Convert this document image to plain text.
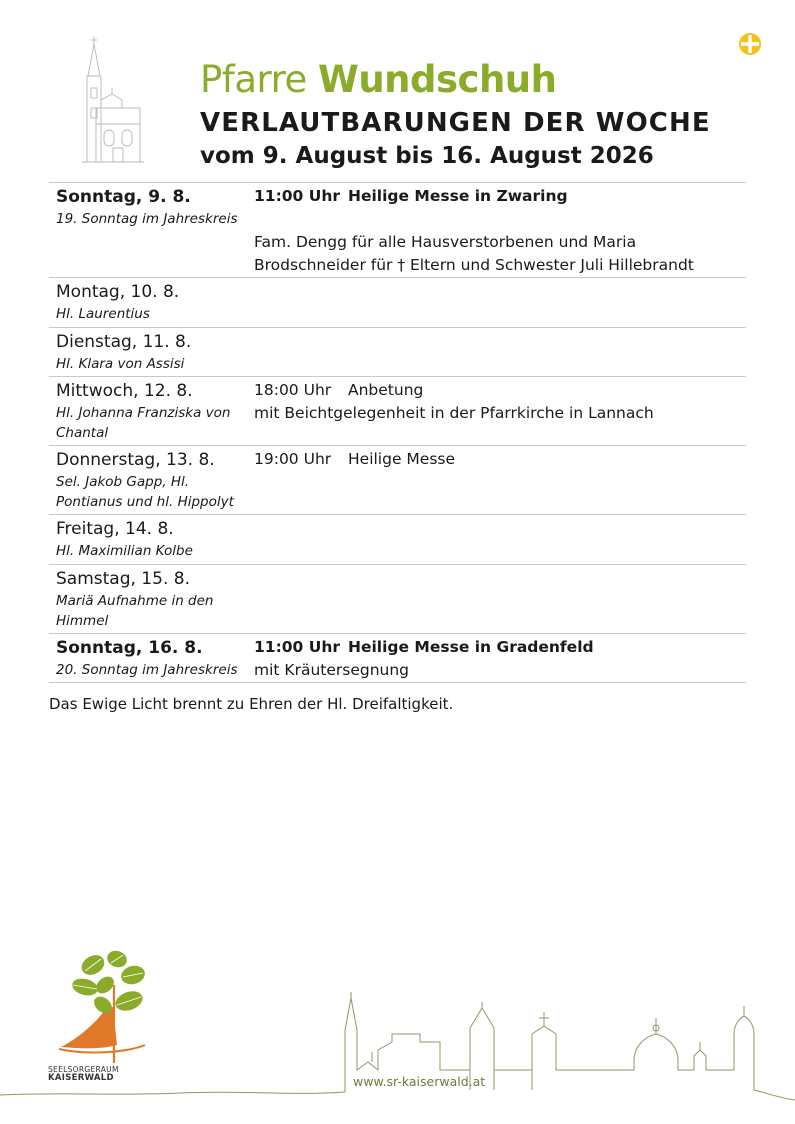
Pfarre Wundschuh
VERLAUTBARUNGEN DER WOCHE
vom 9. August bis 16. August 2026
Sonntag, 9. 8.
19. Sonntag im Jahreskreis
11:00 Uhr Heilige Messe in Zwaring
Fam. Dengg für alle Hausverstorbenen und Maria
Brodschneider für † Eltern und Schwester Juli Hillebrandt
Montag, 10. 8.
Hl. Laurentius
Dienstag, 11. 8.
Hl. Klara von Assisi
Mittwoch, 12. 8.
Hl. Johanna Franziska von Chantal
18:00 Uhr Anbetung
mit Beichtgelegenheit in der Pfarrkirche in Lannach
Donnerstag, 13. 8.
Sel. Jakob Gapp, Hl. Pontianus und hl. Hippolyt
19:00 Uhr Heilige Messe
Freitag, 14. 8.
Hl. Maximilian Kolbe
Samstag, 15. 8.
Mariä Aufnahme in den Himmel
Sonntag, 16. 8.
20. Sonntag im Jahreskreis
11:00 Uhr Heilige Messe in Gradenfeld
mit Kräutersegnung
Das Ewige Licht brennt zu Ehren der Hl. Dreifaltigkeit.
SEELSORGERAUM
KAISERWALD	www.sr-kaiserwald.at
